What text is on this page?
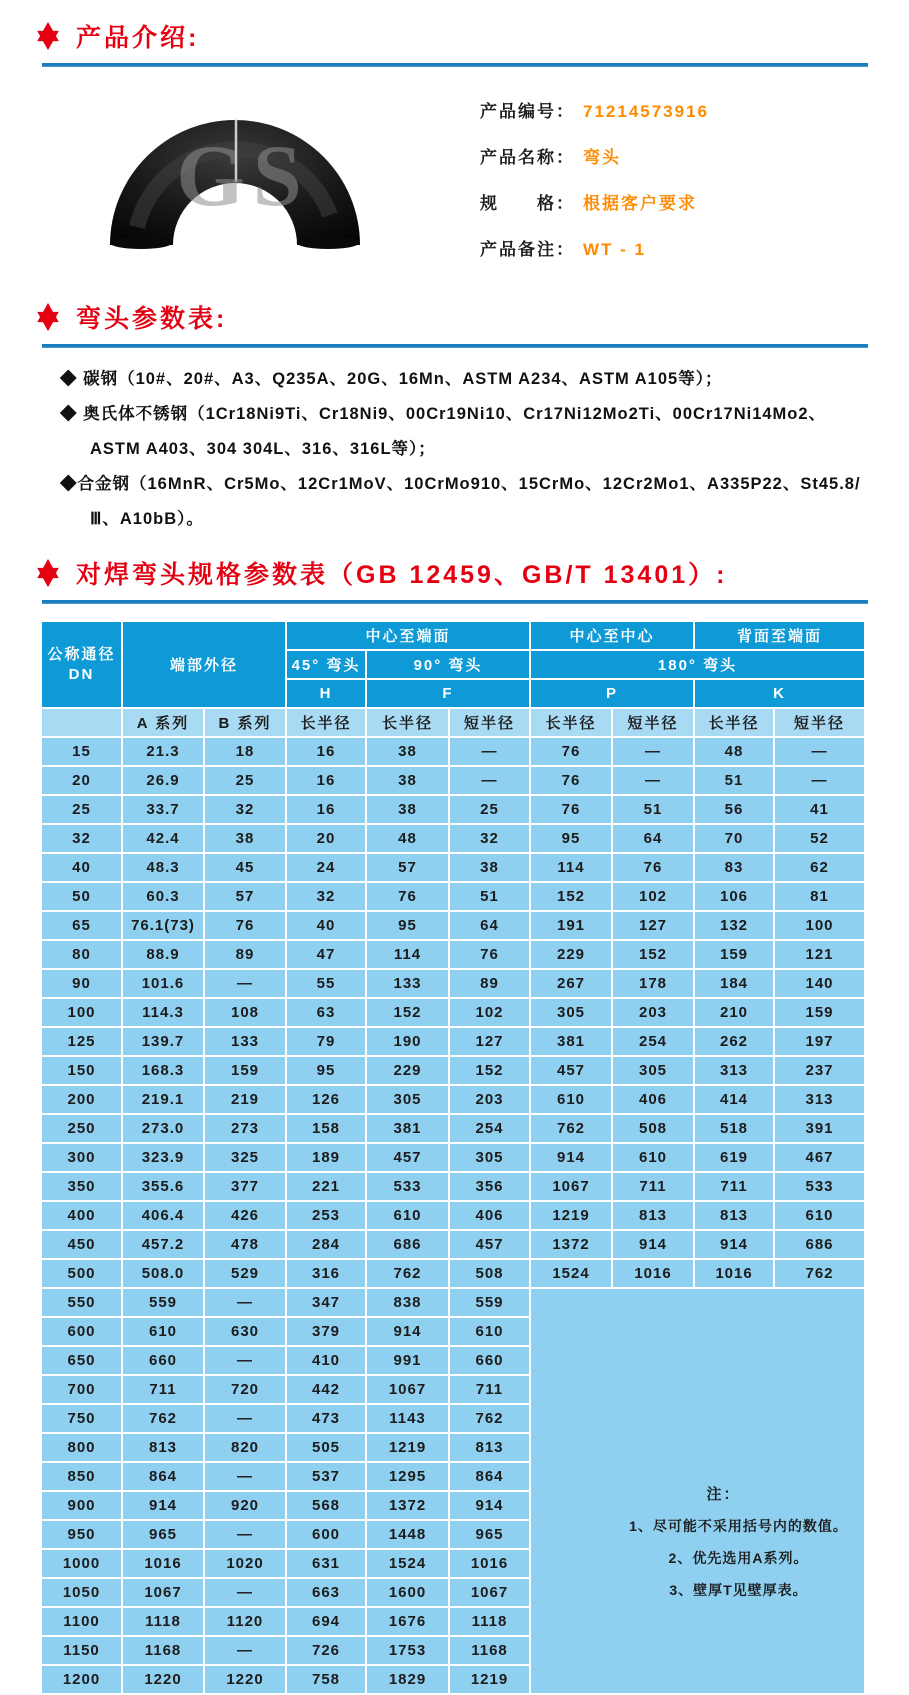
产品介绍:
GS
产品编号： 71214573916
产品名称： 弯头
规　　格： 根据客户要求
产品备注： WT - 1
弯头参数表:
◆ 碳钢（10#、20#、A3、Q235A、20G、16Mn、ASTM A234、ASTM A105等）；
◆ 奥氏体不锈钢（1Cr18Ni9Ti、Cr18Ni9、00Cr19Ni10、Cr17Ni12Mo2Ti、00Cr17Ni14Mo2、ASTM A403、304 304L、316、316L等）；
◆合金钢（16MnR、Cr5Mo、12Cr1MoV、10CrMo910、15CrMo、12Cr2Mo1、A335P22、St45.8/Ⅲ、A10bB）。
对焊弯头规格参数表（GB 12459、GB/T 13401）:
公称通径
DN	端部外径		中心至端面			中心至中心		背面至端面	
			45° 弯头	90° 弯头		180° 弯头			
			H	F		P		K	
	A 系列	B 系列	长半径	长半径	短半径	长半径	短半径	长半径	短半径
15	21.3	18	16	38	—	76	—	48	—
20	26.9	25	16	38	—	76	—	51	—
25	33.7	32	16	38	25	76	51	56	41
32	42.4	38	20	48	32	95	64	70	52
40	48.3	45	24	57	38	114	76	83	62
50	60.3	57	32	76	51	152	102	106	81
65	76.1(73)	76	40	95	64	191	127	132	100
80	88.9	89	47	114	76	229	152	159	121
90	101.6	—	55	133	89	267	178	184	140
100	114.3	108	63	152	102	305	203	210	159
125	139.7	133	79	190	127	381	254	262	197
150	168.3	159	95	229	152	457	305	313	237
200	219.1	219	126	305	203	610	406	414	313
250	273.0	273	158	381	254	762	508	518	391
300	323.9	325	189	457	305	914	610	619	467
350	355.6	377	221	533	356	1067	711	711	533
400	406.4	426	253	610	406	1219	813	813	610
450	457.2	478	284	686	457	1372	914	914	686
500	508.0	529	316	762	508	1524	1016	1016	762
550	559	—	347	838	559	注：
1、尽可能不采用括号内的数值。
2、优先选用A系列。
3、壁厚T见壁厚表。			

600	610	630	379	914	610				
650	660	—	410	991	660				
700	711	720	442	1067	711				
750	762	—	473	1143	762				
800	813	820	505	1219	813				
850	864	—	537	1295	864				
900	914	920	568	1372	914				
950	965	—	600	1448	965				
1000	1016	1020	631	1524	1016				
1050	1067	—	663	1600	1067				
1100	1118	1120	694	1676	1118				
1150	1168	—	726	1753	1168				
1200	1220	1220	758	1829	1219				
